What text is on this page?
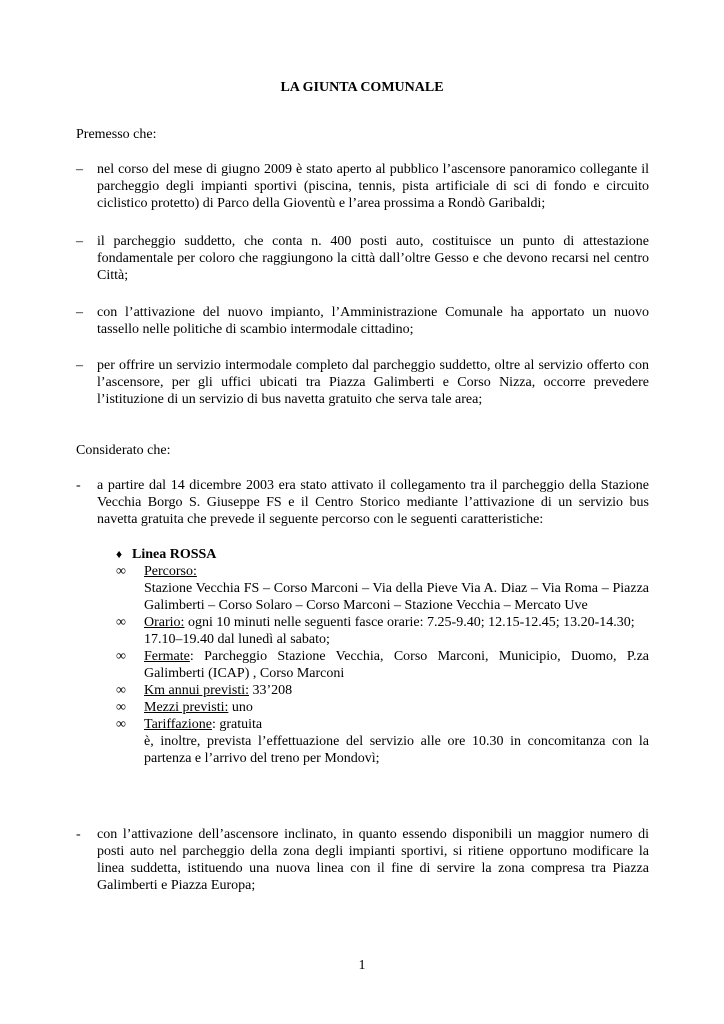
LA GIUNTA COMUNALE
Premesso che:
–	nel corso del mese di giugno 2009 è stato aperto al pubblico l’ascensore panoramico collegante il parcheggio degli impianti sportivi (piscina, tennis, pista artificiale di sci di fondo e circuito ciclistico protetto) di Parco della Gioventù e l’area prossima a Rondò Garibaldi;
–	il parcheggio suddetto, che conta n. 400 posti auto, costituisce un punto di attestazione fondamentale per coloro che raggiungono la città dall’oltre Gesso e che devono recarsi nel centro Città;
–	con l’attivazione del nuovo impianto, l’Amministrazione Comunale ha apportato un nuovo tassello nelle politiche di scambio intermodale cittadino;
–	per offrire un servizio intermodale completo dal parcheggio suddetto, oltre al servizio offerto con l’ascensore, per gli uffici ubicati tra Piazza Galimberti e Corso Nizza, occorre prevedere l’istituzione di un servizio di bus navetta gratuito che serva tale area;
Considerato che:
-	a partire dal 14 dicembre 2003 era stato attivato il collegamento tra il parcheggio della Stazione Vecchia Borgo S. Giuseppe FS e il Centro Storico mediante l’attivazione di un servizio bus navetta gratuita che prevede il seguente percorso con le seguenti caratteristiche:
♦ Linea ROSSA
∞ Percorso:
Stazione Vecchia FS – Corso Marconi – Via della Pieve Via A. Diaz – Via Roma – Piazza Galimberti – Corso Solaro – Corso Marconi – Stazione Vecchia – Mercato Uve
∞ Orario: ogni 10 minuti nelle seguenti fasce orarie: 7.25-9.40; 12.15-12.45; 13.20-14.30;
17.10–19.40 dal lunedì al sabato;
∞ Fermate: Parcheggio Stazione Vecchia, Corso Marconi, Municipio, Duomo, P.za Galimberti (ICAP) , Corso Marconi
∞ Km annui previsti: 33’208
∞ Mezzi previsti: uno
∞ Tariffazione: gratuita
è, inoltre, prevista l’effettuazione del servizio alle ore 10.30 in concomitanza con la partenza e l’arrivo del treno per Mondovì;
-	con l’attivazione dell’ascensore inclinato, in quanto essendo disponibili un maggior numero di posti auto nel parcheggio della zona degli impianti sportivi, si ritiene opportuno modificare la linea suddetta, istituendo una nuova linea con il fine di servire la zona compresa tra Piazza Galimberti e Piazza Europa;
1
